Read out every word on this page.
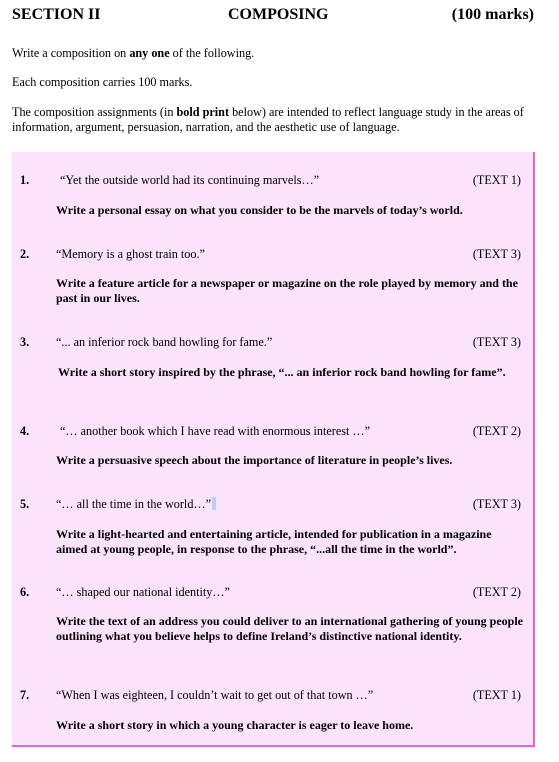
SECTION II	COMPOSING	(100 marks)
Write a composition on any one of the following.
Each composition carries 100 marks.
The composition assignments (in bold print below) are intended to reflect language study in the areas of information, argument, persuasion, narration, and the aesthetic use of language.
1.	“Yet the outside world had its continuing marvels…”	(TEXT 1)
Write a personal essay on what you consider to be the marvels of today’s world.
2. “Memory is a ghost train too.”	(TEXT 3)
Write a feature article for a newspaper or magazine on the role played by memory and the past in our lives.
3. “... an inferior rock band howling for fame.”	(TEXT 3)
Write a short story inspired by the phrase, “... an inferior rock band howling for fame”.
4.	“… another book which I have read with enormous interest …”	(TEXT 2)
Write a persuasive speech about the importance of literature in people’s lives.
5. “… all the time in the world…”	(TEXT 3)
Write a light-hearted and entertaining article, intended for publication in a magazine aimed at young people, in response to the phrase, “...all the time in the world”.
6. “… shaped our national identity…”	(TEXT 2)
Write the text of an address you could deliver to an international gathering of young people outlining what you believe helps to define Ireland’s distinctive national identity.
7. “When I was eighteen, I couldn’t wait to get out of that town …”	(TEXT 1)
Write a short story in which a young character is eager to leave home.
